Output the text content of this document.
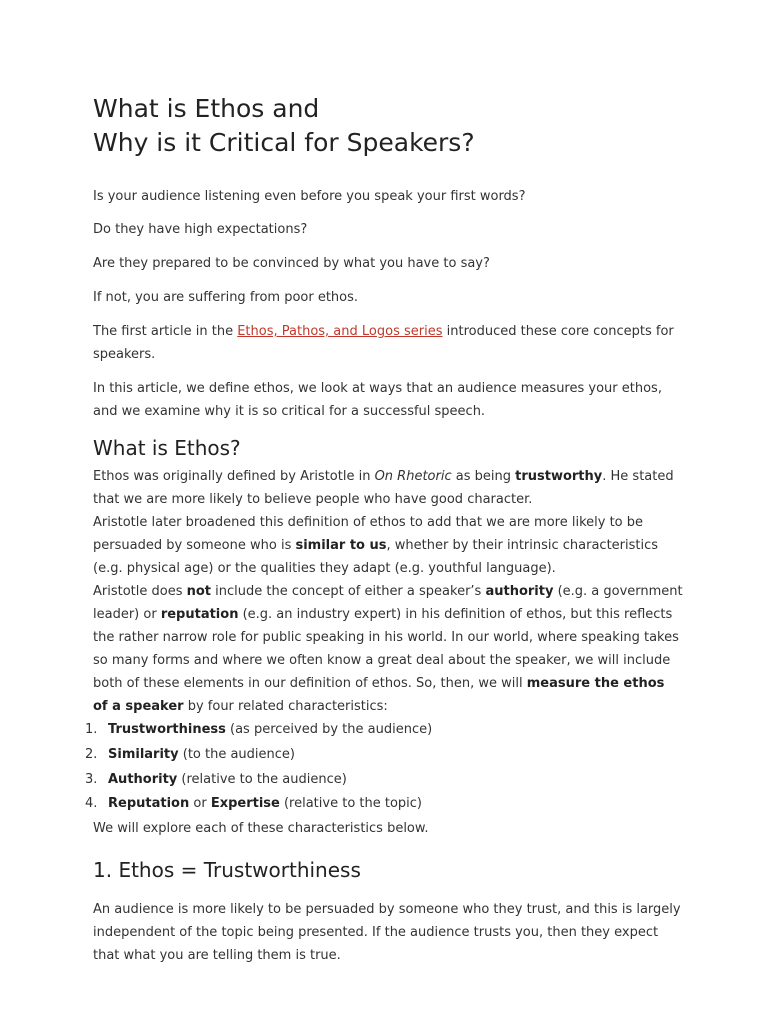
What is Ethos and
Why is it Critical for Speakers?

Is your audience listening even before you speak your first words?

Do they have high expectations?

Are they prepared to be convinced by what you have to say?

If not, you are suffering from poor ethos.

The first article in the Ethos, Pathos, and Logos series introduced these core concepts for speakers.

In this article, we define ethos, we look at ways that an audience measures your ethos, and we examine why it is so critical for a successful speech.

What is Ethos?

Ethos was originally defined by Aristotle in On Rhetoric as being trustworthy. He stated that we are more likely to believe people who have good character.

Aristotle later broadened this definition of ethos to add that we are more likely to be persuaded by someone who is similar to us, whether by their intrinsic characteristics (e.g. physical age) or the qualities they adapt (e.g. youthful language).

Aristotle does not include the concept of either a speaker’s authority (e.g. a government leader) or reputation (e.g. an industry expert) in his definition of ethos, but this reflects the rather narrow role for public speaking in his world. In our world, where speaking takes so many forms and where we often know a great deal about the speaker, we will include both of these elements in our definition of ethos. So, then, we will measure the ethos of a speaker by four related characteristics:

1. Trustworthiness (as perceived by the audience)
2. Similarity (to the audience)
3. Authority (relative to the audience)
4. Reputation or Expertise (relative to the topic)

We will explore each of these characteristics below.

1. Ethos = Trustworthiness

An audience is more likely to be persuaded by someone who they trust, and this is largely independent of the topic being presented. If the audience trusts you, then they expect that what you are telling them is true.
